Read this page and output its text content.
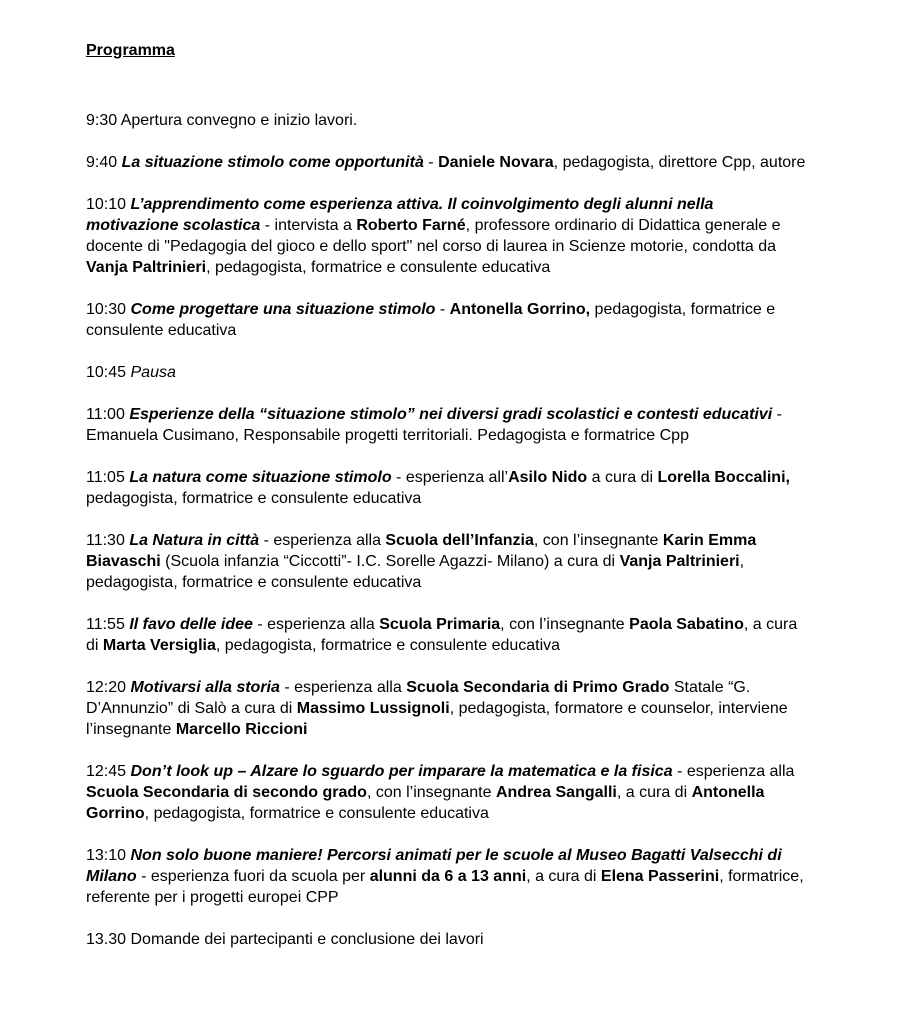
Programma

9:30 Apertura convegno e inizio lavori.

9:40 La situazione stimolo come opportunità - Daniele Novara, pedagogista, direttore Cpp, autore

10:10 L’apprendimento come esperienza attiva. Il coinvolgimento degli alunni nella motivazione scolastica - intervista a Roberto Farné, professore ordinario di Didattica generale e docente di "Pedagogia del gioco e dello sport" nel corso di laurea in Scienze motorie, condotta da Vanja Paltrinieri, pedagogista, formatrice e consulente educativa

10:30 Come progettare una situazione stimolo - Antonella Gorrino, pedagogista, formatrice e consulente educativa

10:45 Pausa

11:00 Esperienze della “situazione stimolo” nei diversi gradi scolastici e contesti educativi - Emanuela Cusimano, Responsabile progetti territoriali. Pedagogista e formatrice Cpp

11:05 La natura come situazione stimolo - esperienza all’Asilo Nido a cura di Lorella Boccalini, pedagogista, formatrice e consulente educativa

11:30 La Natura in città - esperienza alla Scuola dell’Infanzia, con l’insegnante Karin Emma Biavaschi (Scuola infanzia “Ciccotti”- I.C. Sorelle Agazzi- Milano) a cura di Vanja Paltrinieri, pedagogista, formatrice e consulente educativa

11:55 Il favo delle idee - esperienza alla Scuola Primaria, con l’insegnante Paola Sabatino, a cura di Marta Versiglia, pedagogista, formatrice e consulente educativa

12:20 Motivarsi alla storia - esperienza alla Scuola Secondaria di Primo Grado Statale “G. D’Annunzio” di Salò a cura di Massimo Lussignoli, pedagogista, formatore e counselor, interviene l’insegnante Marcello Riccioni

12:45 Don’t look up – Alzare lo sguardo per imparare la matematica e la fisica - esperienza alla Scuola Secondaria di secondo grado, con l’insegnante Andrea Sangalli, a cura di Antonella Gorrino, pedagogista, formatrice e consulente educativa

13:10 Non solo buone maniere! Percorsi animati per le scuole al Museo Bagatti Valsecchi di Milano - esperienza fuori da scuola per alunni da 6 a 13 anni, a cura di Elena Passerini, formatrice, referente per i progetti europei CPP

13.30 Domande dei partecipanti e conclusione dei lavori
